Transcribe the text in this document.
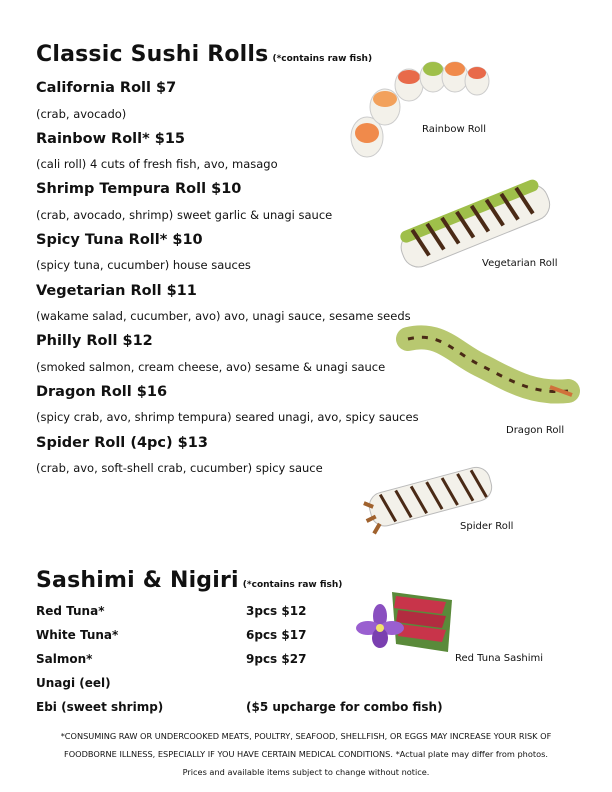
Classic Sushi Rolls (*contains raw fish)
California Roll $7
(crab, avocado)
Rainbow Roll* $15
(cali roll) 4 cuts of fresh fish, avo, masago
Shrimp Tempura Roll $10
(crab, avocado, shrimp) sweet garlic & unagi sauce
Spicy Tuna Roll* $10
(spicy tuna, cucumber) house sauces
Vegetarian Roll $11
(wakame salad, cucumber, avo) avo, unagi sauce, sesame seeds
Philly Roll $12
(smoked salmon, cream cheese, avo) sesame & unagi sauce
Dragon Roll $16
(spicy crab, avo, shrimp tempura) seared unagi, avo, spicy sauces
Spider Roll (4pc) $13
(crab, avo, soft-shell crab, cucumber) spicy sauce
Rainbow Roll
Vegetarian Roll
Dragon Roll
Spider Roll
Sashimi & Nigiri (*contains raw fish)
Red Tuna*	3pcs $12
White Tuna*	6pcs $17
Salmon*	9pcs $27
Unagi (eel)
Ebi (sweet shrimp)	($5 upcharge for combo fish)
Red Tuna Sashimi
*CONSUMING RAW OR UNDERCOOKED MEATS, POULTRY, SEAFOOD, SHELLFISH, OR EGGS MAY INCREASE YOUR RISK OF
FOODBORNE ILLNESS, ESPECIALLY IF YOU HAVE CERTAIN MEDICAL CONDITIONS. *Actual plate may differ from photos.
Prices and available items subject to change without notice.
